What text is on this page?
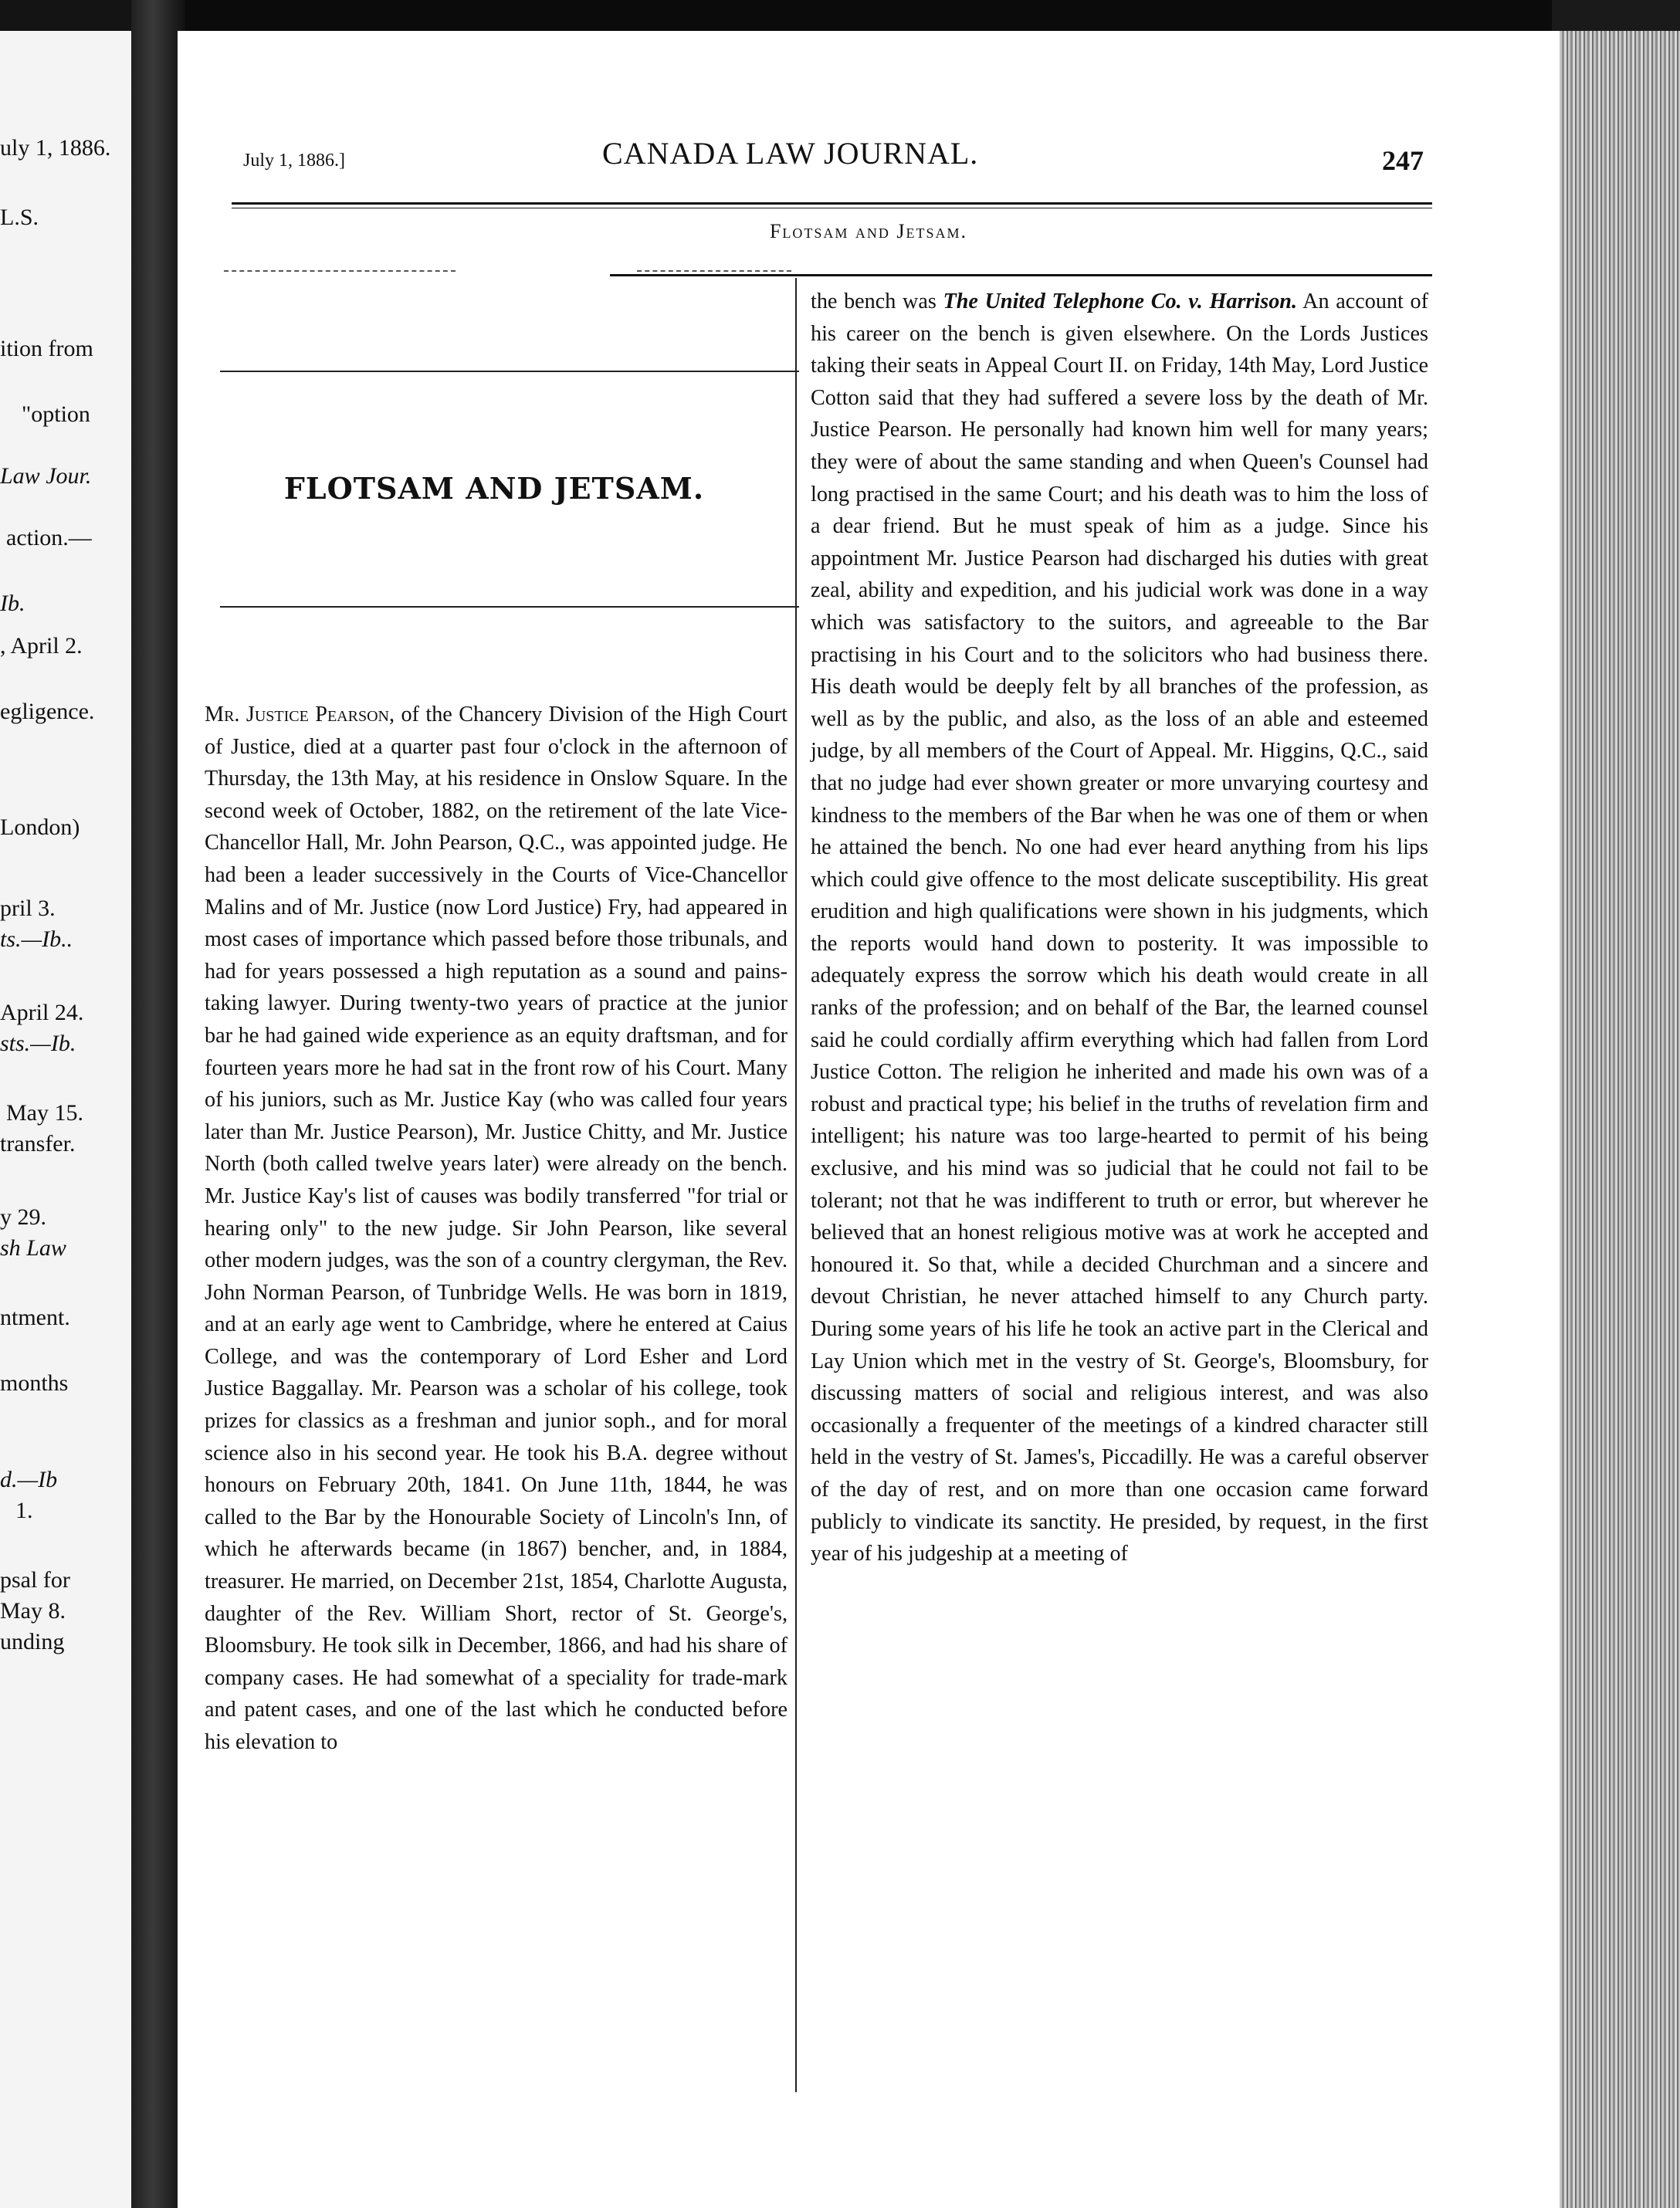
uly 1, 1886.
L.S.
ition from
"option
Law Jour.
action.—
Ib.
, April 2.
egligence.
London)
pril 3.
ts.—Ib..
April 24.
sts.—Ib.
May 15.
transfer.
y 29.
sh Law
ntment.
months
d.—Ib
1.
psal for
May 8.
unding
July 1, 1886.]	CANADA LAW JOURNAL.	247
Flotsam and Jetsam.
FLOTSAM AND JETSAM.
Mr. Justice Pearson, of the Chancery Division of the High Court of Justice, died at a quarter past four o'clock in the afternoon of Thursday, the 13th May, at his residence in Onslow Square. In the second week of October, 1882, on the retirement of the late Vice-Chancellor Hall, Mr. John Pearson, Q.C., was appointed judge. He had been a leader successively in the Courts of Vice-Chancellor Malins and of Mr. Justice (now Lord Justice) Fry, had appeared in most cases of importance which passed before those tribunals, and had for years possessed a high reputation as a sound and pains-taking lawyer. During twenty-two years of practice at the junior bar he had gained wide experience as an equity draftsman, and for fourteen years more he had sat in the front row of his Court. Many of his juniors, such as Mr. Justice Kay (who was called four years later than Mr. Justice Pearson), Mr. Justice Chitty, and Mr. Justice North (both called twelve years later) were already on the bench. Mr. Justice Kay's list of causes was bodily transferred "for trial or hearing only" to the new judge. Sir John Pearson, like several other modern judges, was the son of a country clergyman, the Rev. John Norman Pearson, of Tunbridge Wells. He was born in 1819, and at an early age went to Cambridge, where he entered at Caius College, and was the contemporary of Lord Esher and Lord Justice Baggallay. Mr. Pearson was a scholar of his college, took prizes for classics as a freshman and junior soph., and for moral science also in his second year. He took his B.A. degree without honours on February 20th, 1841. On June 11th, 1844, he was called to the Bar by the Honourable Society of Lincoln's Inn, of which he afterwards became (in 1867) bencher, and, in 1884, treasurer. He married, on December 21st, 1854, Charlotte Augusta, daughter of the Rev. William Short, rector of St. George's, Bloomsbury. He took silk in December, 1866, and had his share of company cases. He had somewhat of a speciality for trade-mark and patent cases, and one of the last which he conducted before his elevation to
the bench was The United Telephone Co. v. Harrison. An account of his career on the bench is given elsewhere. On the Lords Justices taking their seats in Appeal Court II. on Friday, 14th May, Lord Justice Cotton said that they had suffered a severe loss by the death of Mr. Justice Pearson. He personally had known him well for many years; they were of about the same standing and when Queen's Counsel had long practised in the same Court; and his death was to him the loss of a dear friend. But he must speak of him as a judge. Since his appointment Mr. Justice Pearson had discharged his duties with great zeal, ability and expedition, and his judicial work was done in a way which was satisfactory to the suitors, and agreeable to the Bar practising in his Court and to the solicitors who had business there. His death would be deeply felt by all branches of the profession, as well as by the public, and also, as the loss of an able and esteemed judge, by all members of the Court of Appeal. Mr. Higgins, Q.C., said that no judge had ever shown greater or more unvarying courtesy and kindness to the members of the Bar when he was one of them or when he attained the bench. No one had ever heard anything from his lips which could give offence to the most delicate susceptibility. His great erudition and high qualifications were shown in his judgments, which the reports would hand down to posterity. It was impossible to adequately express the sorrow which his death would create in all ranks of the profession; and on behalf of the Bar, the learned counsel said he could cordially affirm everything which had fallen from Lord Justice Cotton. The religion he inherited and made his own was of a robust and practical type; his belief in the truths of revelation firm and intelligent; his nature was too large-hearted to permit of his being exclusive, and his mind was so judicial that he could not fail to be tolerant; not that he was indifferent to truth or error, but wherever he believed that an honest religious motive was at work he accepted and honoured it. So that, while a decided Churchman and a sincere and devout Christian, he never attached himself to any Church party. During some years of his life he took an active part in the Clerical and Lay Union which met in the vestry of St. George's, Bloomsbury, for discussing matters of social and religious interest, and was also occasionally a frequenter of the meetings of a kindred character still held in the vestry of St. James's, Piccadilly. He was a careful observer of the day of rest, and on more than one occasion came forward publicly to vindicate its sanctity. He presided, by request, in the first year of his judgeship at a meeting of
